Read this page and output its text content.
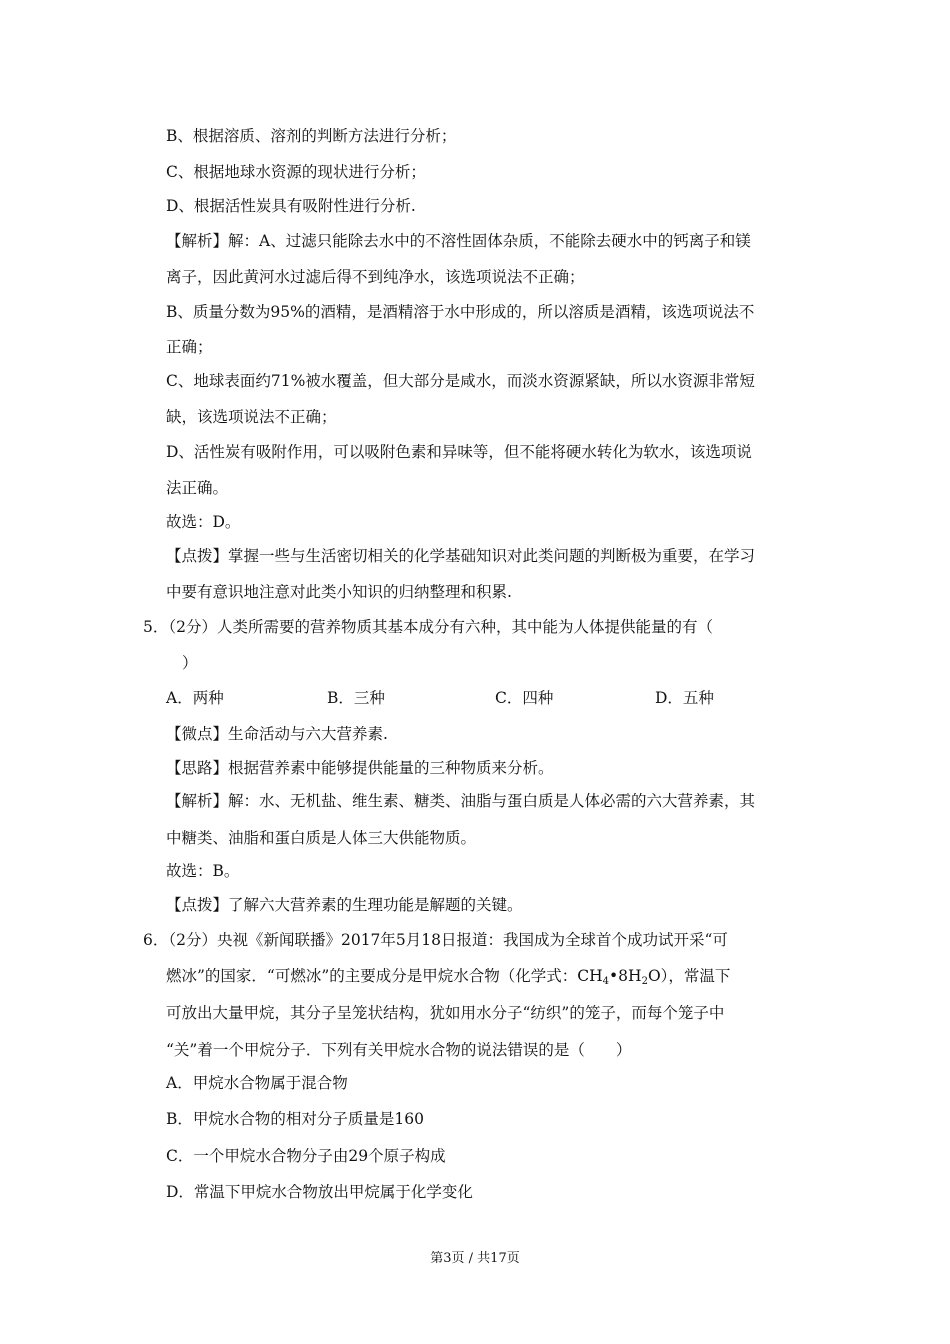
B、根据溶质、溶剂的判断方法进行分析；
C、根据地球水资源的现状进行分析；
D、根据活性炭具有吸附性进行分析.
【解析】解：A、过滤只能除去水中的不溶性固体杂质，不能除去硬水中的钙离子和镁
离子，因此黄河水过滤后得不到纯净水，该选项说法不正确；
B、质量分数为95%的酒精，是酒精溶于水中形成的，所以溶质是酒精，该选项说法不
正确；
C、地球表面约71%被水覆盖，但大部分是咸水，而淡水资源紧缺，所以水资源非常短
缺，该选项说法不正确；
D、活性炭有吸附作用，可以吸附色素和异味等，但不能将硬水转化为软水，该选项说
法正确。
故选：D。
【点拨】掌握一些与生活密切相关的化学基础知识对此类问题的判断极为重要，在学习
中要有意识地注意对此类小知识的归纳整理和积累.
5．（2分）人类所需要的营养物质其基本成分有六种，其中能为人体提供能量的有（
）
A．两种	B．三种	C．四种	D．五种
【微点】生命活动与六大营养素.
【思路】根据营养素中能够提供能量的三种物质来分析。
【解析】解：水、无机盐、维生素、糖类、油脂与蛋白质是人体必需的六大营养素，其
中糖类、油脂和蛋白质是人体三大供能物质。
故选：B。
【点拨】了解六大营养素的生理功能是解题的关键。
6．（2分）央视《新闻联播》2017年5月18日报道：我国成为全球首个成功试开采“可
燃冰”的国家．“可燃冰”的主要成分是甲烷水合物（化学式：$CH_4•8H_2O$），常温下
可放出大量甲烷，其分子呈笼状结构，犹如用水分子“纺织”的笼子，而每个笼子中
“关”着一个甲烷分子．下列有关甲烷水合物的说法错误的是（　　）
A．甲烷水合物属于混合物
B．甲烷水合物的相对分子质量是160
C．一个甲烷水合物分子由29个原子构成
D．常温下甲烷水合物放出甲烷属于化学变化
第3页 / 共17页
